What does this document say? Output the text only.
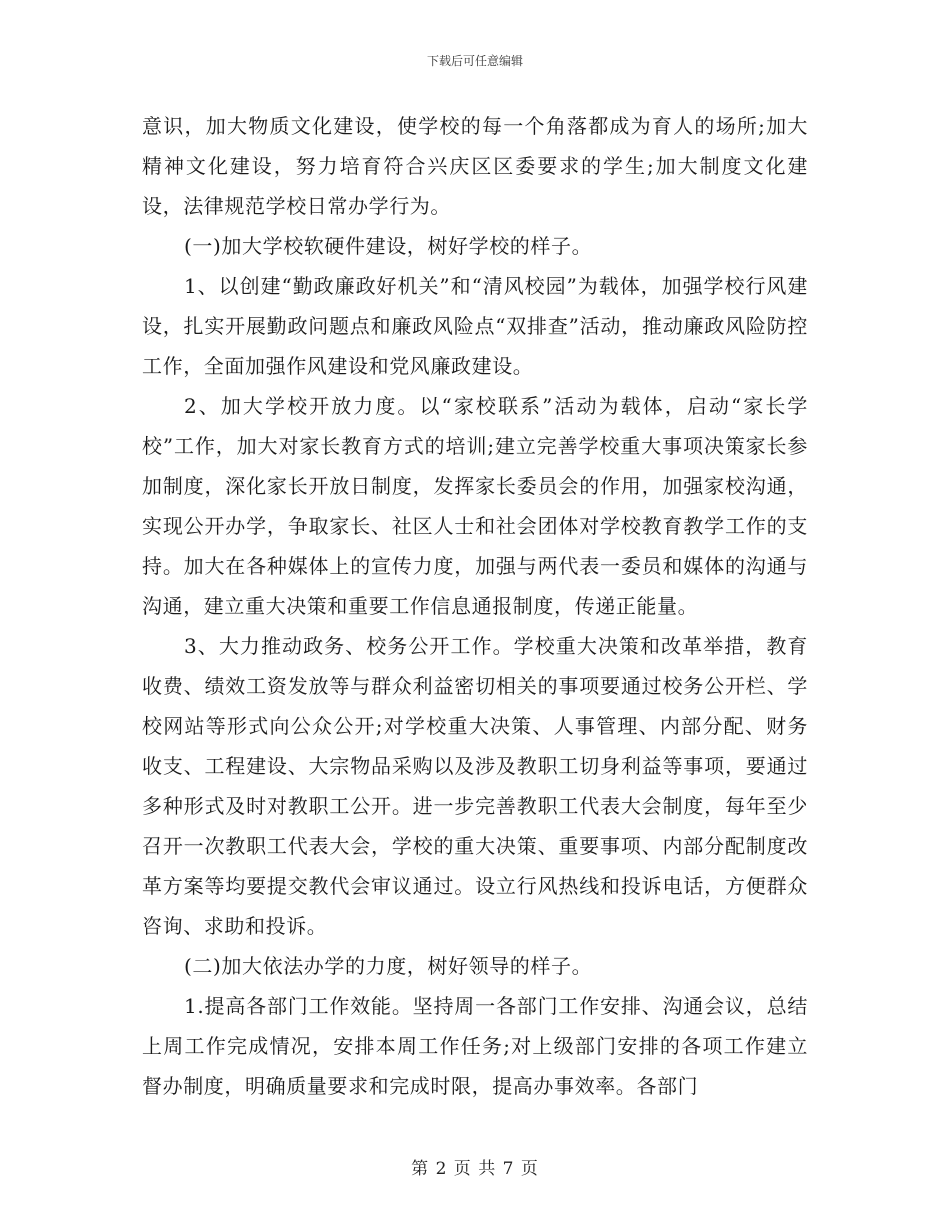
下载后可任意编辑

意识，加大物质文化建设，使学校的每一个角落都成为育人的场所;加大精神文化建设，努力培育符合兴庆区区委要求的学生;加大制度文化建设，法律规范学校日常办学行为。

(一)加大学校软硬件建设，树好学校的样子。

1、以创建“勤政廉政好机关”和“清风校园”为载体，加强学校行风建设，扎实开展勤政问题点和廉政风险点“双排查”活动，推动廉政风险防控工作，全面加强作风建设和党风廉政建设。

2、加大学校开放力度。以“家校联系”活动为载体，启动“家长学校”工作，加大对家长教育方式的培训;建立完善学校重大事项决策家长参加制度，深化家长开放日制度，发挥家长委员会的作用，加强家校沟通，实现公开办学，争取家长、社区人士和社会团体对学校教育教学工作的支持。加大在各种媒体上的宣传力度，加强与两代表一委员和媒体的沟通与沟通，建立重大决策和重要工作信息通报制度，传递正能量。

3、大力推动政务、校务公开工作。学校重大决策和改革举措，教育收费、绩效工资发放等与群众利益密切相关的事项要通过校务公开栏、学校网站等形式向公众公开;对学校重大决策、人事管理、内部分配、财务收支、工程建设、大宗物品采购以及涉及教职工切身利益等事项，要通过多种形式及时对教职工公开。进一步完善教职工代表大会制度，每年至少召开一次教职工代表大会，学校的重大决策、重要事项、内部分配制度改革方案等均要提交教代会审议通过。设立行风热线和投诉电话，方便群众咨询、求助和投诉。

(二)加大依法办学的力度，树好领导的样子。

1.提高各部门工作效能。坚持周一各部门工作安排、沟通会议，总结上周工作完成情况，安排本周工作任务;对上级部门安排的各项工作建立督办制度，明确质量要求和完成时限，提高办事效率。各部门

第 2 页 共 7 页
